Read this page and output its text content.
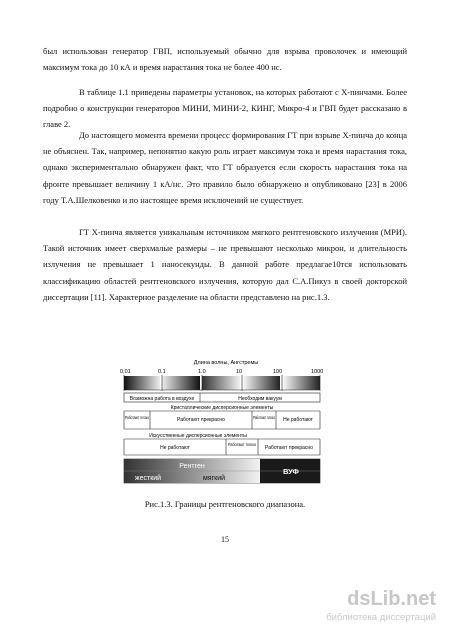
был использован генератор ГВП, используемый обычно для взрыва проволочек и имеющий максимум тока до 10 кА и время нарастания тока не более 400 нс.
В таблице 1.1 приведены параметры установок, на которых работают с Х-пинчами. Более подробно о конструкции генераторов МИНИ, МИНИ-2, КИНГ, Микро-4 и ГВП будет рассказано в главе 2.
До настоящего момента времени процесс формирования ГТ при взрыве Х-пинча до конца не объяснен. Так, например, непонятно какую роль играет максимум тока и время нарастания тока, однако экспериментально обнаружен факт, что ГТ образуется если скорость нарастания тока на фронте превышает величину 1 кА/нс. Это правило было обнаружено и опубликовано [23] в 2006 году Т.А.Шелковенко и по настоящее время исключений не существует.
ГТ Х-пинча является уникальным источником мягкого рентгеновского излучения (МРИ). Такой источник имеет сверхмалые размеры – не превышают несколько микрон, и длительность излучения не превышает 1 наносекунды. В данной работе предлагае10тся использовать классификацию областей рентгеновского излучения, которую дал С.А.Пикуз в своей докторской диссертации [11]. Характерное разделение на области представлено на рис.1.3.
Длина волны, Ангстремы
0.01	0.1	1.0	10	100	1000
Возможна работа в воздухе	Необходим вакуум
Кристаллические дисперсионные элементы
Работают плохо	Работают прекрасно	Работают плохо Не работают
Искусственные дисперсионные элементы
Не работают
Работают плохо
Работают прекрасно
жесткий
Рентген
мягкий
ВУФ
Рис.1.3. Границы рентгеновского диапазона.
15
dsLib.net
библиотека диссертаций
